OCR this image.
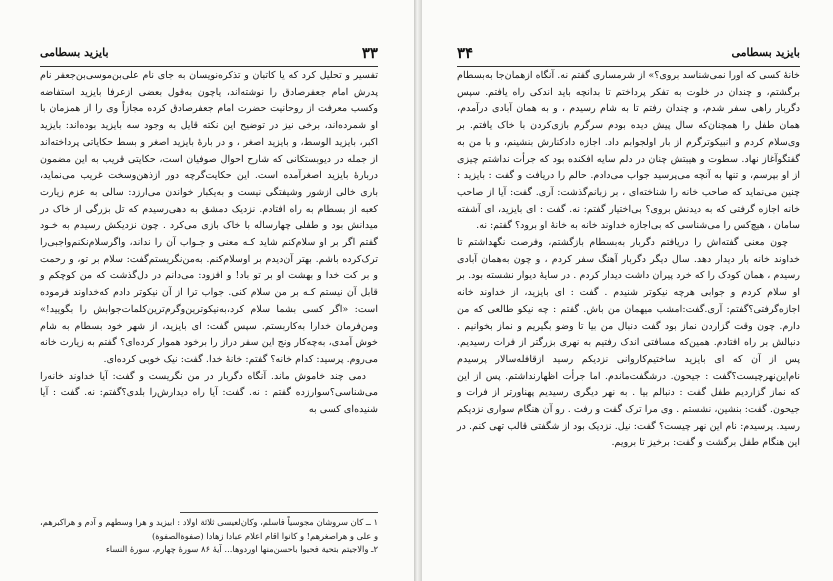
۳۳
بایزید بسطامی

تفسیر و تحلیل کرد که یا کاتبان و تذکره‌نویسان به جای نام علی‌بن‌موسی‌بن‌جعفر نام پدرش امام جعفرصادق را نوشته‌اند، یاچون به‌قول بعضی ازعرفا بایزید استفاضه وکسب معرفت از روحانیت حضرت امام جعفرصادق کرده مجازاً وی را از همزمان با او شمرده‌اند، برخی نیز در توضیح این نکته قایل به وجود سه بایزید بوده‌اند: بایزید اکبر، بایزید الوسط، و بایزید اصغر ، و در بارهٔ بایزید اصغر و بسط حکایاتی پرداخته‌اند از جمله در دیوبستکانی که شارح احوال صوفیان است، حکایتی قریب به این مضمون دربارهٔ بایزید اصغرآمده است. این حکایت‌گرچه دور ازذهن‌وسخت غریب می‌نماید، باری خالی ازشور وشیفتگی نیست و به‌یکبار خواندن می‌ارزد: سالی به عزم زیارت کعبه از بسطام به راه افتادم. نزدیک دمشق به دهی‌رسیدم که تل بزرگی از خاک در میدانش بود و طفلی چهارساله با خاک بازی می‌کرد . چون نزدیکش رسیدم به خـود گفتم اگر بر او سلام‌کنم شاید کـه معنی و جـواب آن را نداند، واگرسلام‌نکنم‌واجبی‌را ترک‌کرده باشم. بهتر آن‌دیدم بر اوسلام‌کنم. به‌من‌نگریستم‌گفت: سلام‌ بر تو، و رحمت و بر کت خدا و بهشت او بر تو باد! و افزود: می‌دانم در دل‌گذشت که من کوچکم و قابل آن نیستم کـه بر من سلام کنی. جواب ترا از آن نیکوتر دادم که‌خداوند فرموده است: «اگر کسی بشما سلام کرد،به‌نیکوترین‌وگرم‌ترین‌کلمات‌جوابش را بگویید!» ومن‌فرمان خدارا به‌کاربستم. سپس گفت: ای بایزید، از شهر خود بسطام به شام خوش آمدی، به‌چه‌کار ونج این سفر دراز را برخود هموار کرده‌ای؟ گفتم به زیارت خانه می‌روم. پرسید: کدام خانه؟ گفتم: خانهٔ خدا. گفت: نیک خوبی کرده‌ای.

دمی چند خاموش ماند. آنگاه دگربار در من نگریست و گفت: آیا خداوند خانه‌را می‌شناسی؟سوارزده گفتم : نه. گفت: آیا راه دیدارش‌را بلدی؟گفتم: نه. گفت : آیا شنیده‌ای کسی به

۱ ــ کان سروشان مجوسیاً فاسلم، وکان‌لعیسی ثلاثة اولاد : ابیزید و هرا وسطهم و آدم و هراکبرهم، و علی و هراصغرهم! و کانوا اقام اعلام عبادا زهادا (صفوةالصفوة)

۲ـ والاجیتم بتحیة فحیوا باحسن‌منها اوردوها... آیهٔ ۸۶ سورهٔ چهارم، سورهٔ النساء

۳۴	بایزید بسطامی

خانهٔ کسی که اورا نمی‌شناسد بروی؟» از شرمساری گفتم نه. آنگاه ازهمان‌جا به‌بسطام برگشتم، و چندان در خلوت به تفکر پرداختم تا بدانچه باید اندکی راه یافتم. سپس دگربار راهی سفر شدم، و چندان رفتم تا به شام رسیدم ، و به همان آبادی درآمدم، همان طفل را همچنان‌که سال پیش دیده بودم سرگرم بازی‌کردن با خاک یافتم. بر وی‌سلام کردم و انبیکوترگرم از بار اولجوابم داد. اجازه دادکنارش بنشینم، و با من به گفتگوآغاز نهاد. سطوت و هیبتش چنان در دلم سایه افکنده بود که جرأت نداشتم چیزی از او بپرسم، و تنها به آنچه می‌پرسید جواب می‌دادم. حالم را دریافت و گفت : بایزید : چنین می‌نماید که صاحب خانه را شناخته‌ای ، بر زبانم‌گذشت: آری. گفت: آیا از صاحب خانه اجازه گرفتی که به دیدنش بروی؟ بی‌اختیار گفتم: نه. گفت : ای بایزید، ای آشفته سامان ، هیچ‌کس را می‌شناسی که بی‌اجازه خداوند خانه به خانهٔ او برود؟ گفتم: نه.

چون معنی گفته‌اش را دریافتم دگربار به‌بسطام بازگشتم، وفرصت نگهداشتم تا خداوند خانه بار دیدار دهد. سال دیگر دگربار آهنگ سفر کردم ، و چون به‌همان آبادی رسیدم ، همان کودک را که خرد پیران داشت دیدار کردم . در سایهٔ دیوار نشسته بود. بر او سلام کردم و جوابی هرچه نیکوتر شنیدم . گفت : ای بایزید، از خداوند خانه اجازه‌گرفتی؟گفتم: آری.گفت:امشب میهمان من باش. گفتم : چه نیکو طالعی که من دارم. چون وقت گزاردن نماز بود گفت دنبال من بیا تا وضو بگیریم و نماز بخوانیم . دنبالش بر راه افتادم. همین‌که مسافتی اندک رفتیم به نهری بزرگتر از فرات رسیدیم. پس از آن که ای بایزید ساختیم‌کاروانی نزدیکم رسید ازقافله‌سالار پرسیدم نام‌این‌نهرچیست؟گفت : جیحون. درشگفت‌ماندم. اما جرأت اظهارنداشتم. پس از این که نماز گزاردیم طفل گفت : دنبالم بیا . به نهر دیگری رسیدیم پهناورتر از فرات و جیحون. گفت: بنشین، نشستم . وی مرا ترک گفت و رفت . رو آن هنگام سواری نزدیکم رسید. پرسیدم: نام این نهر چیست؟ گفت: نیل. نزدیک بود از شگفتی قالب تهی کنم. در این هنگام طفل برگشت و گفت: برخیز تا برویم.
